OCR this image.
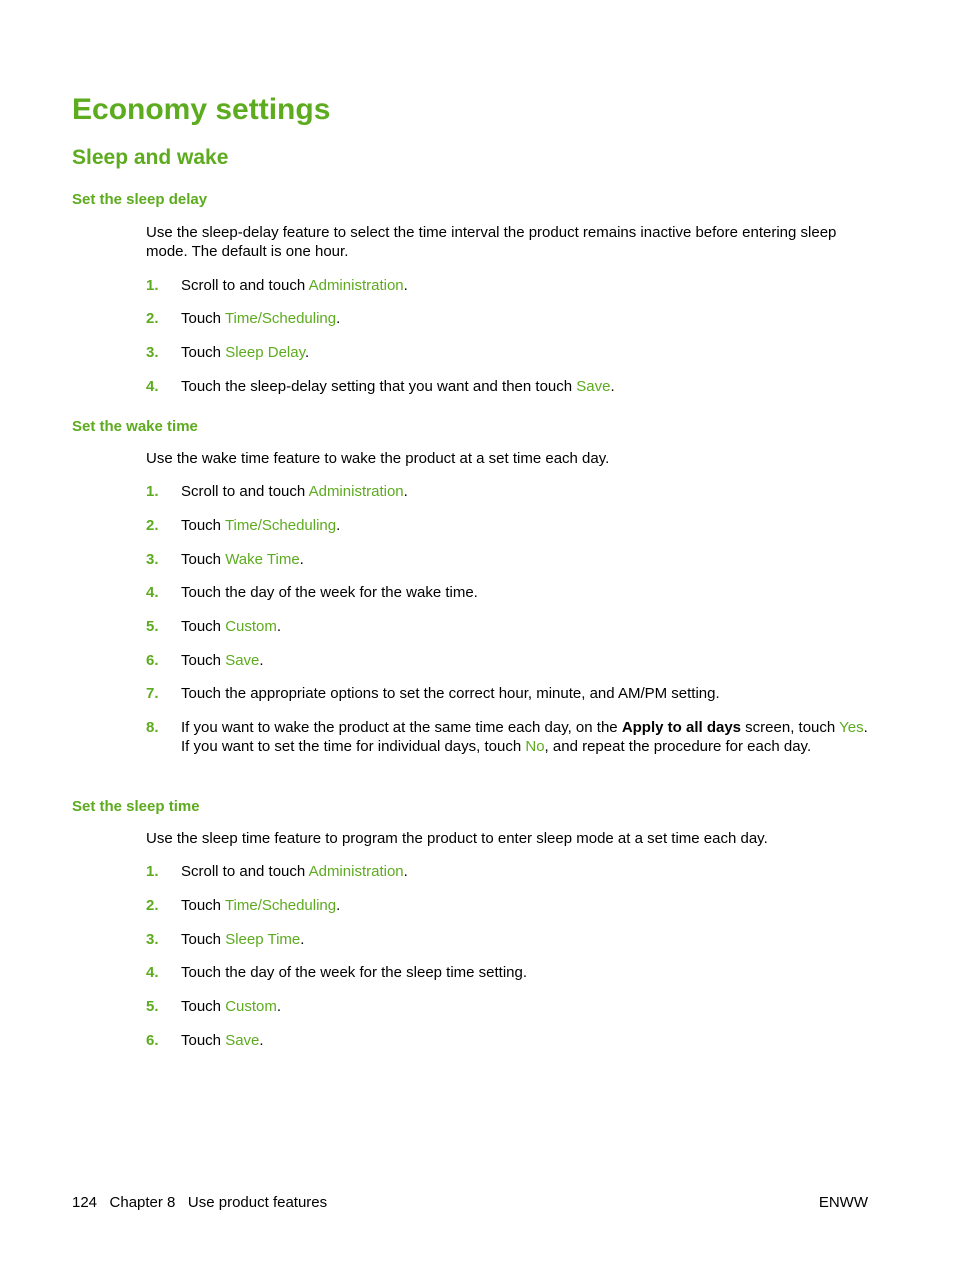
Economy settings
Sleep and wake
Set the sleep delay

Use the sleep-delay feature to select the time interval the product remains inactive before entering sleep mode. The default is one hour.

1. Scroll to and touch Administration.
2. Touch Time/Scheduling.
3. Touch Sleep Delay.
4. Touch the sleep-delay setting that you want and then touch Save.
Set the wake time

Use the wake time feature to wake the product at a set time each day.

1. Scroll to and touch Administration.
2. Touch Time/Scheduling.
3. Touch Wake Time.
4. Touch the day of the week for the wake time.
5. Touch Custom.
6. Touch Save.
7. Touch the appropriate options to set the correct hour, minute, and AM/PM setting.
8. If you want to wake the product at the same time each day, on the Apply to all days screen, touch Yes. If you want to set the time for individual days, touch No, and repeat the procedure for each day.
Set the sleep time

Use the sleep time feature to program the product to enter sleep mode at a set time each day.

1. Scroll to and touch Administration.
2. Touch Time/Scheduling.
3. Touch Sleep Time.
4. Touch the day of the week for the sleep time setting.
5. Touch Custom.
6. Touch Save.
124   Chapter 8   Use product features	ENWW
